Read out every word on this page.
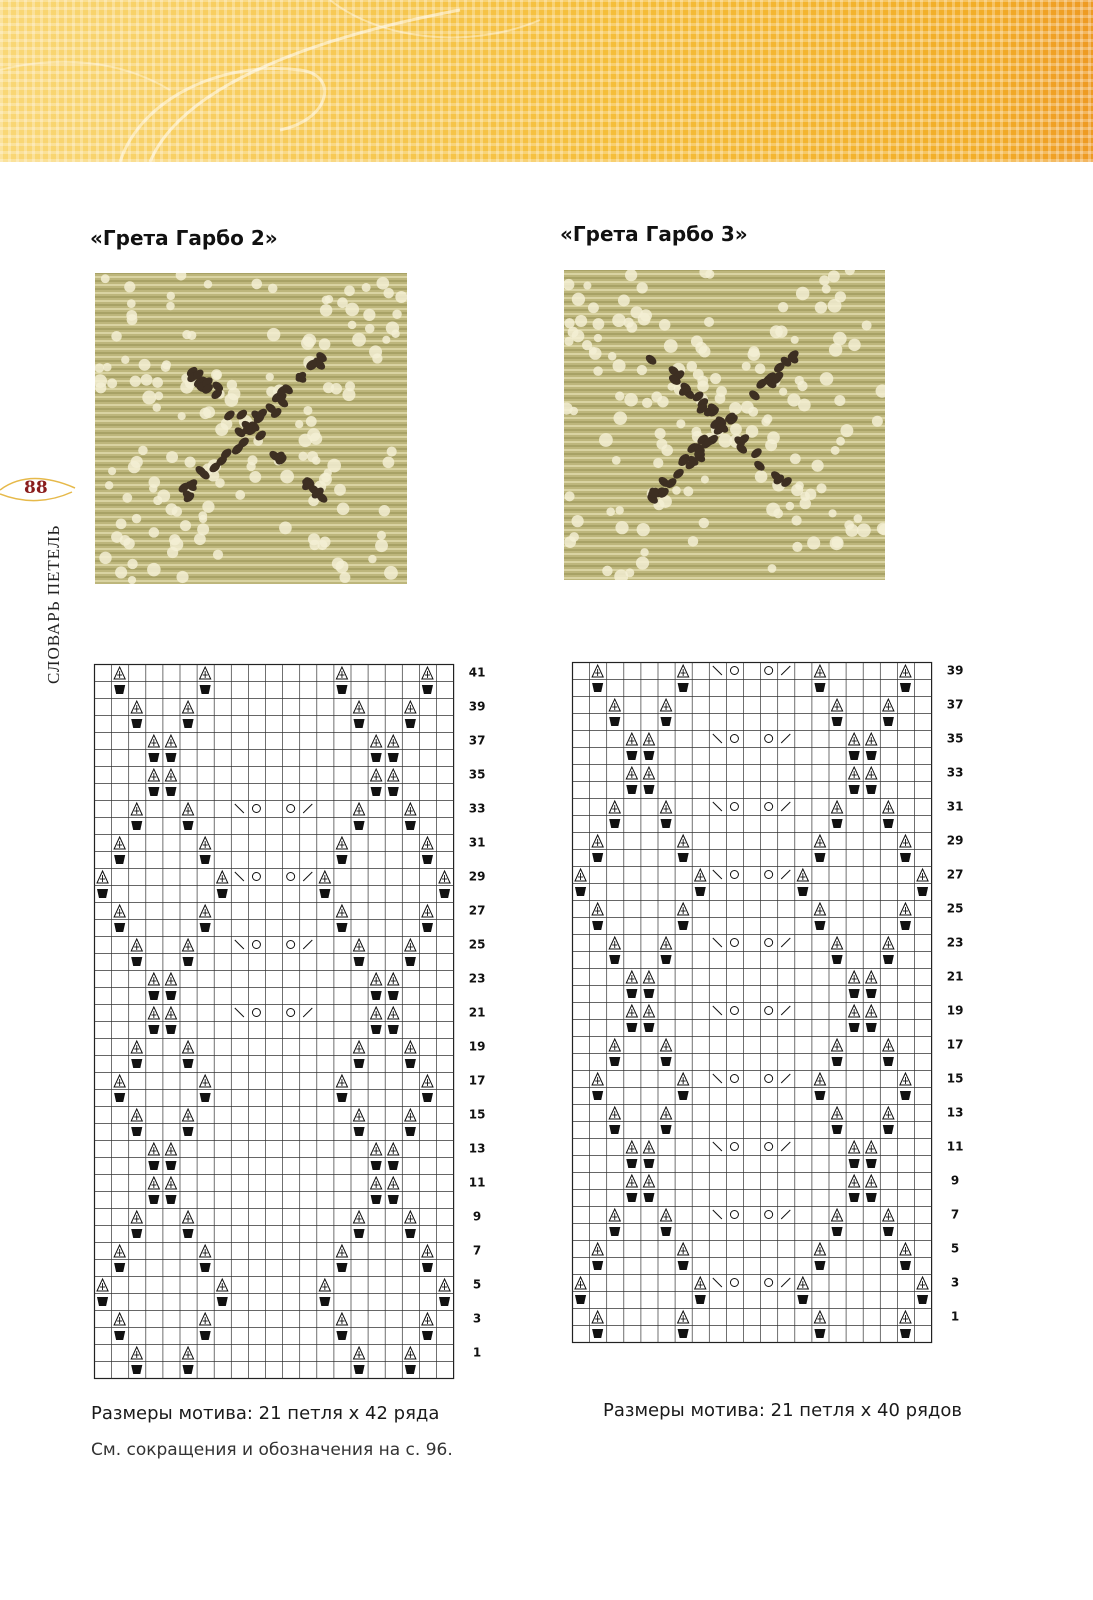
88
СЛОВАРЬ ПЕТЕЛЬ
«Грета Гарбо 2»	«Грета Гарбо 3»
41
39
37
35
33
31
29
27
25
23
21
19
17
15
13
11
9
7
5
3
1
39
37
35
33
31
29
27
25
23
21
19
17
15
13
11
9
7
5
3
1
Размеры мотива: 21 петля x 42 ряда	Размеры мотива: 21 петля x 40 рядов
См. сокращения и обозначения на с. 96.
